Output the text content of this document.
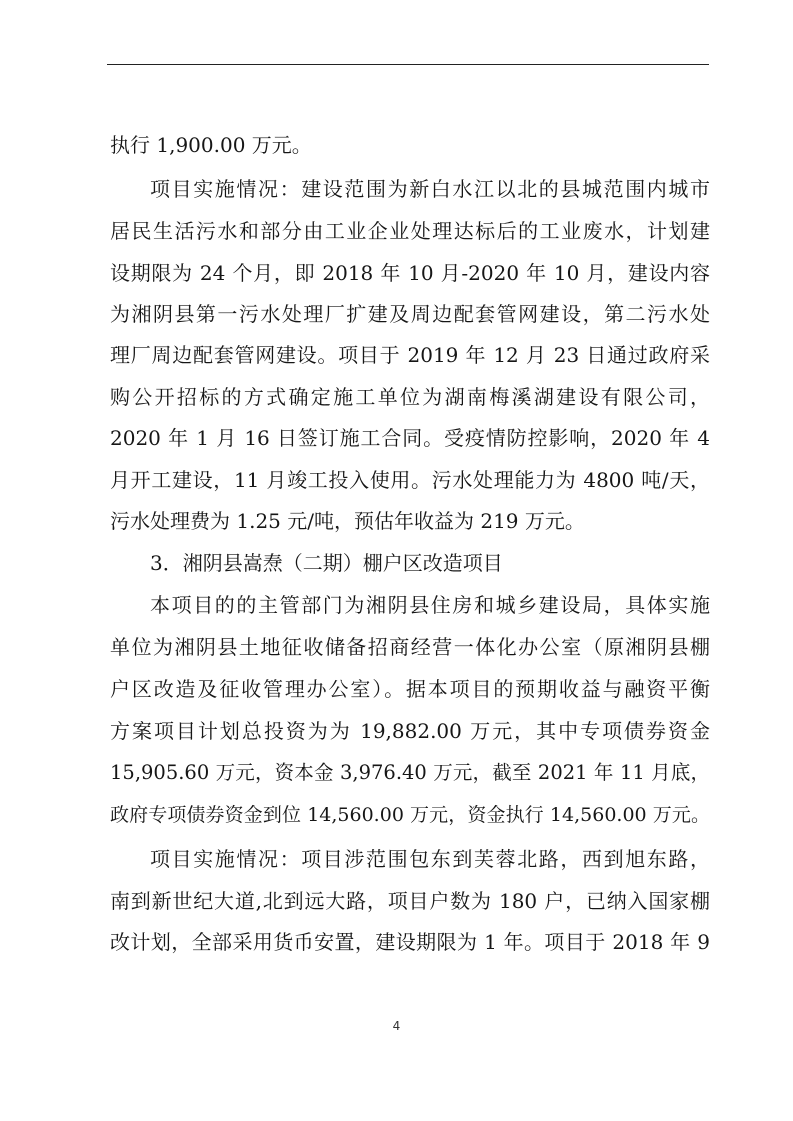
执行 1,900.00 万元。
项目实施情况：建设范围为新白水江以北的县城范围内城市
居民生活污水和部分由工业企业处理达标后的工业废水，计划建
设期限为 24 个月，即 2018 年 10 月-2020 年 10 月，建设内容
为湘阴县第一污水处理厂扩建及周边配套管网建设，第二污水处
理厂周边配套管网建设。项目于 2019 年 12 月 23 日通过政府采
购公开招标的方式确定施工单位为湖南梅溪湖建设有限公司，
2020 年 1 月 16 日签订施工合同。受疫情防控影响，2020 年 4
月开工建设，11 月竣工投入使用。污水处理能力为 4800 吨/天，
污水处理费为 1.25 元/吨，预估年收益为 219 万元。
3．湘阴县嵩焘（二期）棚户区改造项目
本项目的的主管部门为湘阴县住房和城乡建设局，具体实施
单位为湘阴县土地征收储备招商经营一体化办公室（原湘阴县棚
户区改造及征收管理办公室）。据本项目的预期收益与融资平衡
方案项目计划总投资为为 19,882.00 万元，其中专项债券资金
15,905.60 万元，资本金 3,976.40 万元，截至 2021 年 11 月底，
政府专项债券资金到位 14,560.00 万元，资金执行 14,560.00 万元。
项目实施情况：项目涉范围包东到芙蓉北路，西到旭东路，
南到新世纪大道,北到远大路，项目户数为 180 户，已纳入国家棚
改计划，全部采用货币安置，建设期限为 1 年。项目于 2018 年 9
4
